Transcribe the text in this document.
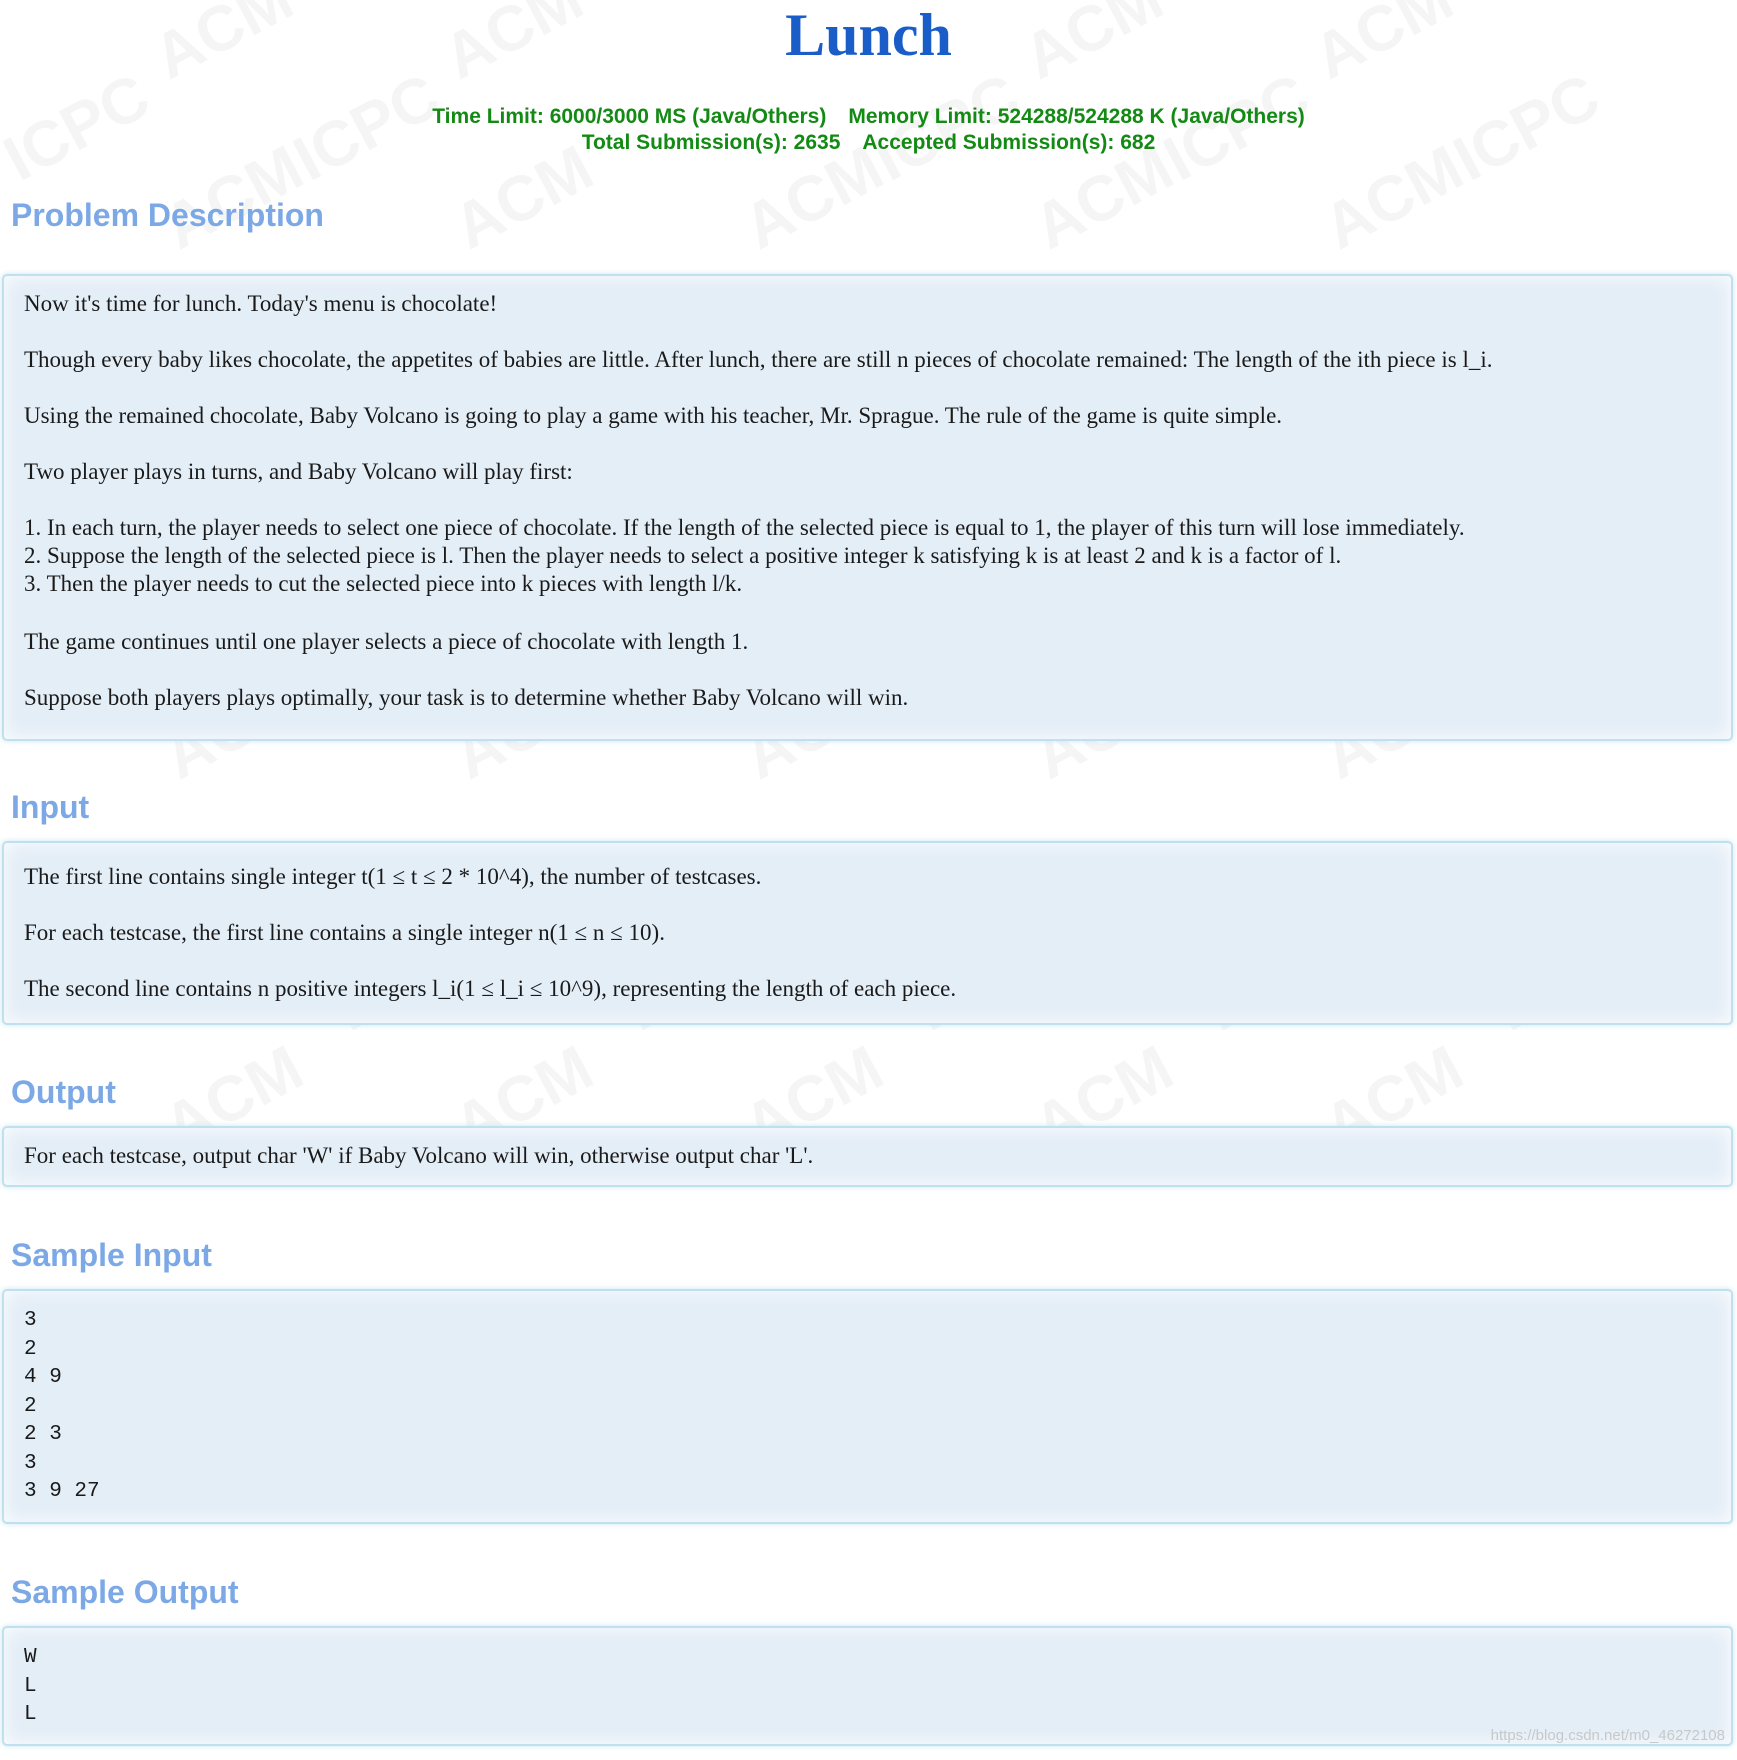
Lunch
Time Limit: 6000/3000 MS (Java/Others) Memory Limit: 524288/524288 K (Java/Others)
Total Submission(s): 2635 Accepted Submission(s): 682
Problem Description

Now it's time for lunch. Today's menu is chocolate!

Though every baby likes chocolate, the appetites of babies are little. After lunch, there are still n pieces of chocolate remained: The length of the ith piece is l_i.

Using the remained chocolate, Baby Volcano is going to play a game with his teacher, Mr. Sprague. The rule of the game is quite simple.

Two player plays in turns, and Baby Volcano will play first:

1. In each turn, the player needs to select one piece of chocolate. If the length of the selected piece is equal to 1, the player of this turn will lose immediately.
2. Suppose the length of the selected piece is l. Then the player needs to select a positive integer k satisfying k is at least 2 and k is a factor of l.
3. Then the player needs to cut the selected piece into k pieces with length l/k.

The game continues until one player selects a piece of chocolate with length 1.

Suppose both players plays optimally, your task is to determine whether Baby Volcano will win.

Input

The first line contains single integer t(1 ≤ t ≤ 2 * 10^4), the number of testcases.

For each testcase, the first line contains a single integer n(1 ≤ n ≤ 10).

The second line contains n positive integers l_i(1 ≤ l_i ≤ 10^9), representing the length of each piece.

Output

For each testcase, output char 'W' if Baby Volcano will win, otherwise output char 'L'.

Sample Input
3
2
4 9
2
2 3
3
3 9 27
Sample Output
W
L
L
https://blog.csdn.net/m0_46272108
